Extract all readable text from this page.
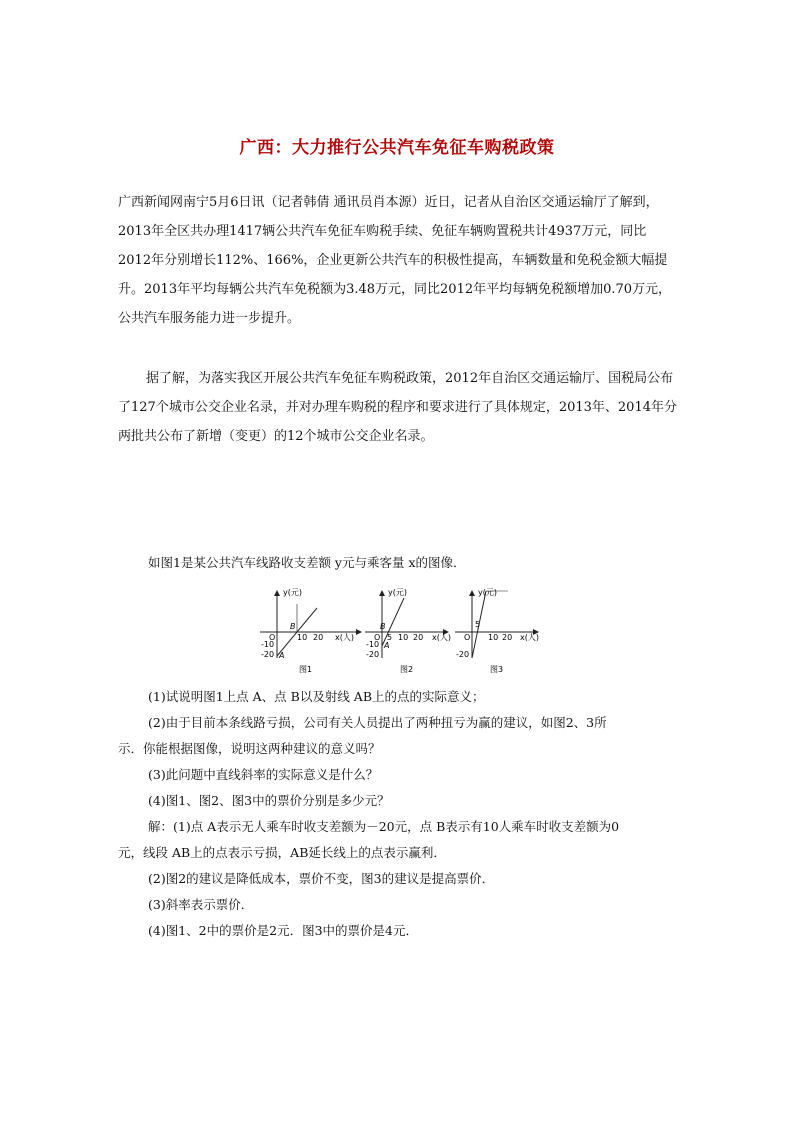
广西：大力推行公共汽车免征车购税政策
广西新闻网南宁5月6日讯（记者韩倩 通讯员肖本源）近日，记者从自治区交通运输厅了解到，2013年全区共办理1417辆公共汽车免征车购税手续、免征车辆购置税共计4937万元，同比2012年分别增长112%、166%，企业更新公共汽车的积极性提高，车辆数量和免税金额大幅提升。2013年平均每辆公共汽车免税额为3.48万元，同比2012年平均每辆免税额增加0.70万元，公共汽车服务能力进一步提升。
据了解，为落实我区开展公共汽车免征车购税政策，2012年自治区交通运输厅、国税局公布了127个城市公交企业名录，并对办理车购税的程序和要求进行了具体规定，2013年、2014年分两批共公布了新增（变更）的12个城市公交企业名录。
如图1是某公共汽车线路收支差额 y元与乘客量 x的图像．
y(元)
x(人)
O
A
B
10 20
-10
-20
图1
y(元)
x(人)
O
A
B
5 10 20
-10
-20
图2
y(元)
x(人)
O 10 20
5
-20
图3
(1)试说明图1上点 A、点 B以及射线 AB上的点的实际意义；
(2)由于目前本条线路亏损，公司有关人员提出了两种扭亏为赢的建议，如图2、3所
示．你能根据图像，说明这两种建议的意义吗？
(3)此问题中直线斜率的实际意义是什么？
(4)图1、图2、图3中的票价分别是多少元？
解：(1)点 A表示无人乘车时收支差额为－20元，点 B表示有10人乘车时收支差额为0
元，线段 AB上的点表示亏损，AB延长线上的点表示赢利．
(2)图2的建议是降低成本，票价不变，图3的建议是提高票价．
(3)斜率表示票价．
(4)图1、2中的票价是2元．图3中的票价是4元．
